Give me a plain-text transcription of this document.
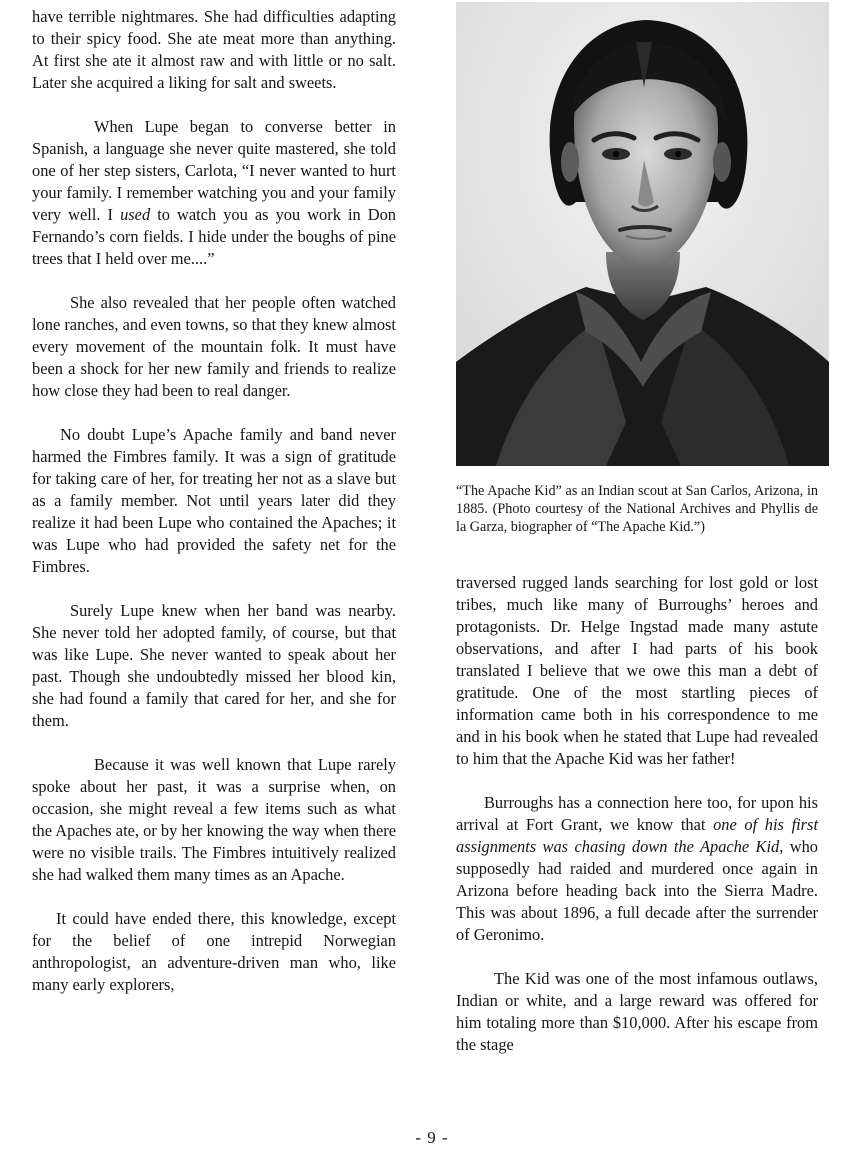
have terrible nightmares. She had difficulties adapting to their spicy food. She ate meat more than anything. At first she ate it almost raw and with little or no salt. Later she acquired a liking for salt and sweets.

When Lupe began to converse better in Spanish, a language she never quite mastered, she told one of her step sisters, Carlota, “I never wanted to hurt your family. I remember watching you and your family very well. I used to watch you as you work in Don Fernando’s corn fields. I hide under the boughs of pine trees that I held over me....”

She also revealed that her people often watched lone ranches, and even towns, so that they knew almost every movement of the mountain folk. It must have been a shock for her new family and friends to realize how close they had been to real danger.

No doubt Lupe’s Apache family and band never harmed the Fimbres family. It was a sign of gratitude for taking care of her, for treating her not as a slave but as a family member. Not until years later did they realize it had been Lupe who contained the Apaches; it was Lupe who had provided the safety net for the Fimbres.

Surely Lupe knew when her band was nearby. She never told her adopted family, of course, but that was like Lupe. She never wanted to speak about her past. Though she undoubtedly missed her blood kin, she had found a family that cared for her, and she for them.

Because it was well known that Lupe rarely spoke about her past, it was a surprise when, on occasion, she might reveal a few items such as what the Apaches ate, or by her knowing the way when there were no visible trails. The Fimbres intuitively realized she had walked them many times as an Apache.

It could have ended there, this knowledge, except for the belief of one intrepid Norwegian anthropologist, an adventure-driven man who, like many early explorers,

“The Apache Kid” as an Indian scout at San Carlos, Arizona, in 1885. (Photo courtesy of the National Archives and Phyllis de la Garza, biographer of “The Apache Kid.”)

traversed rugged lands searching for lost gold or lost tribes, much like many of Burroughs’ heroes and protagonists. Dr. Helge Ingstad made many astute observations, and after I had parts of his book translated I believe that we owe this man a debt of gratitude. One of the most startling pieces of information came both in his correspondence to me and in his book when he stated that Lupe had revealed to him that the Apache Kid was her father!

Burroughs has a connection here too, for upon his arrival at Fort Grant, we know that one of his first assignments was chasing down the Apache Kid, who supposedly had raided and murdered once again in Arizona before heading back into the Sierra Madre. This was about 1896, a full decade after the surrender of Geronimo.

The Kid was one of the most infamous outlaws, Indian or white, and a large reward was offered for him totaling more than $10,000. After his escape from the stage

- 9 -
